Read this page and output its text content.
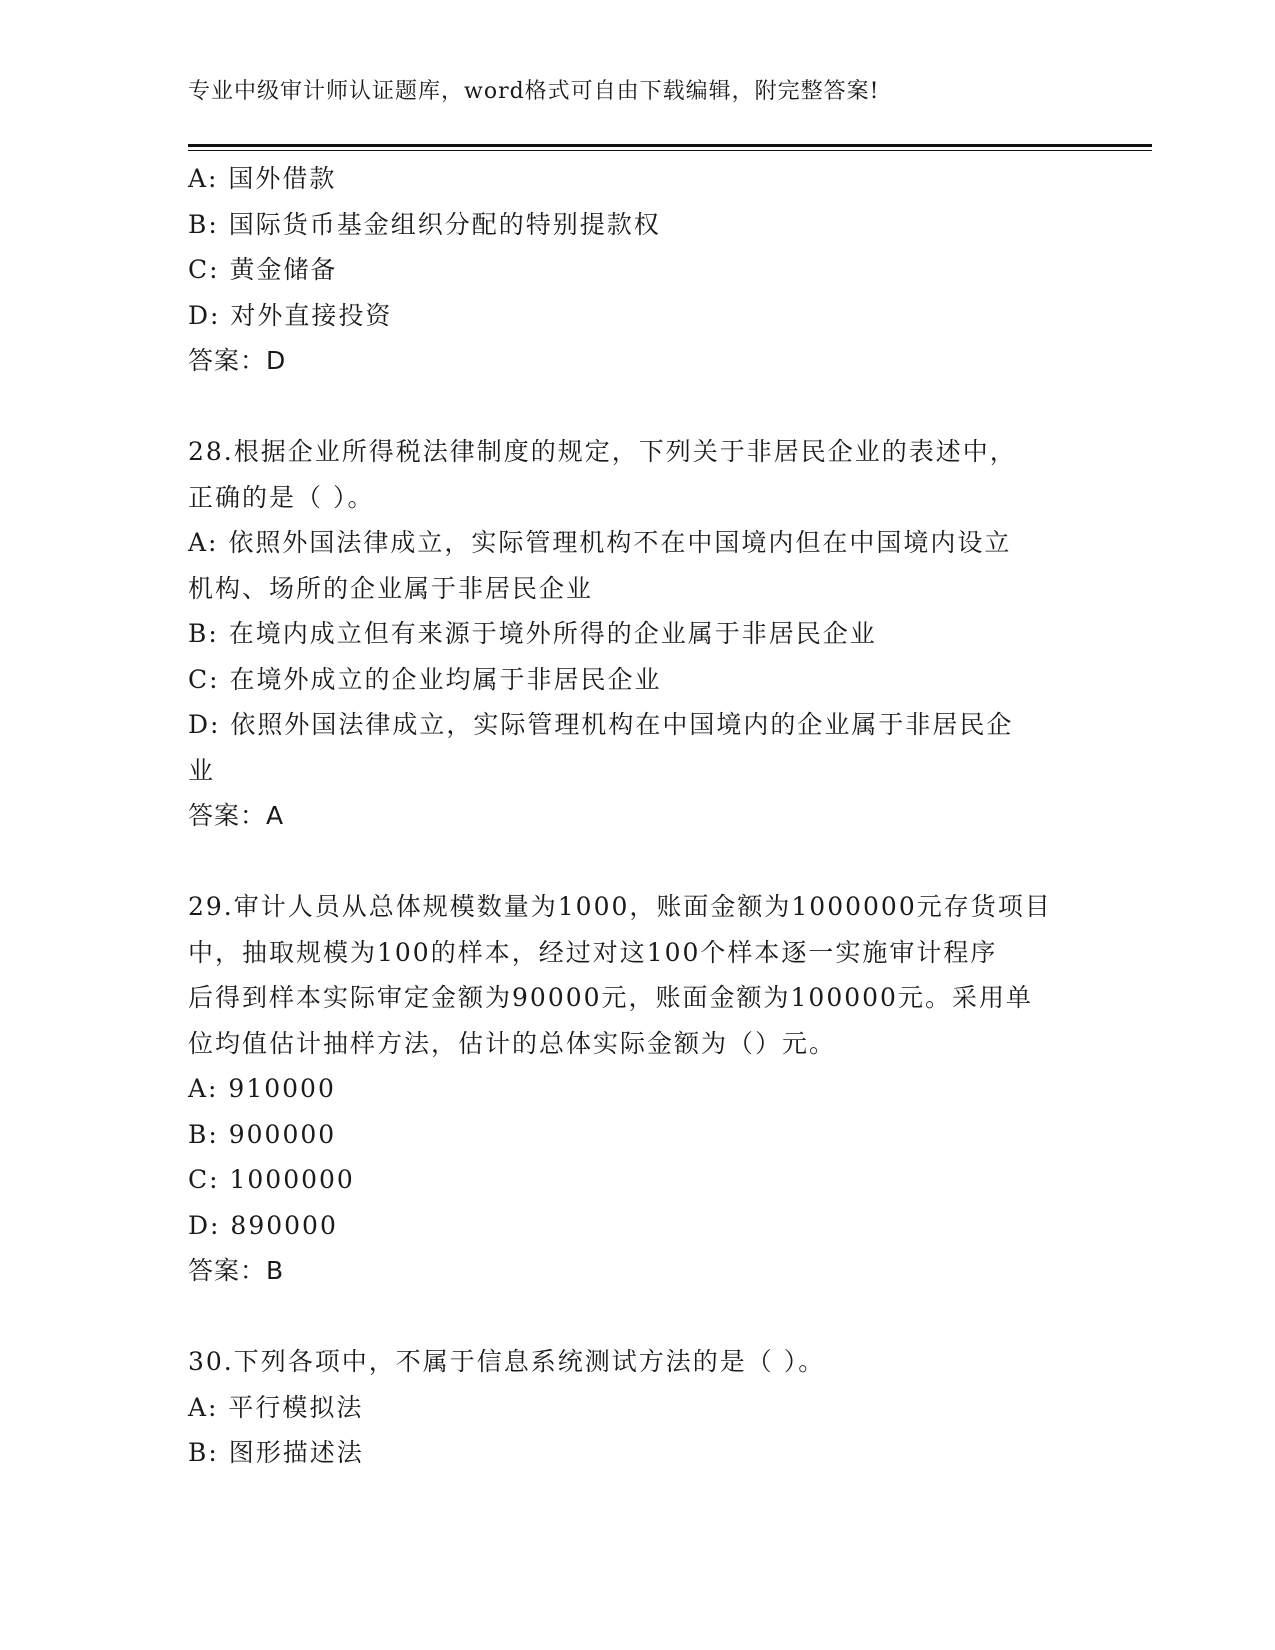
专业中级审计师认证题库，word格式可自由下载编辑，附完整答案!
A: 国外借款
B: 国际货币基金组织分配的特别提款权
C: 黄金储备
D: 对外直接投资
答案：D
28.根据企业所得税法律制度的规定，下列关于非居民企业的表述中，
正确的是（ ）。
A: 依照外国法律成立，实际管理机构不在中国境内但在中国境内设立
机构、场所的企业属于非居民企业
B: 在境内成立但有来源于境外所得的企业属于非居民企业
C: 在境外成立的企业均属于非居民企业
D: 依照外国法律成立，实际管理机构在中国境内的企业属于非居民企
业
答案：A
29.审计人员从总体规模数量为1000，账面金额为1000000元存货项目
中，抽取规模为100的样本，经过对这100个样本逐一实施审计程序
后得到样本实际审定金额为90000元，账面金额为100000元。采用单
位均值估计抽样方法，估计的总体实际金额为（）元。
A: 910000
B: 900000
C: 1000000
D: 890000
答案：B
30.下列各项中，不属于信息系统测试方法的是（ ）。
A: 平行模拟法
B: 图形描述法
